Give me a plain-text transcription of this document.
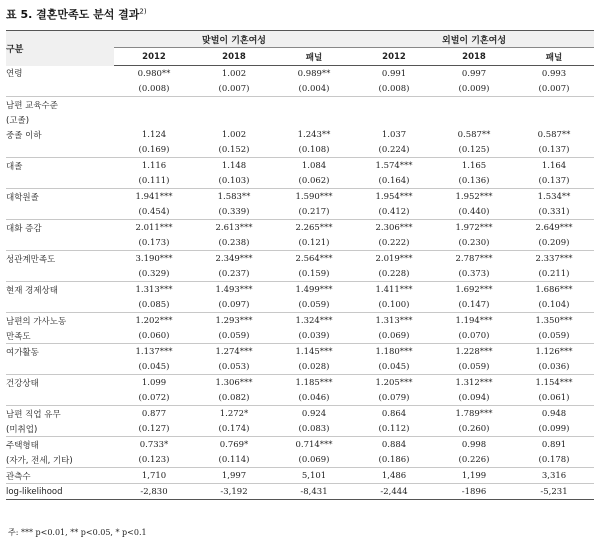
표 5. 결혼만족도 분석 결과$^{2)}$
구분	맞벌이 기혼여성			외벌이 기혼여성		
	2012	2018	패널	2012	2018	패널
연령	0.980**	1.002	0.989**	0.991	0.997	0.993
	(0.008)	(0.007)	(0.004)	(0.008)	(0.009)	(0.007)
남편 교육수준						
(고졸)						
중졸 이하	1.124	1.002	1.243**	1.037	0.587**	0.587**
	(0.169)	(0.152)	(0.108)	(0.224)	(0.125)	(0.137)
대졸	1.116	1.148	1.084	1.574***	1.165	1.164
	(0.111)	(0.103)	(0.062)	(0.164)	(0.136)	(0.137)
대학원졸	1.941***	1.583**	1.590***	1.954***	1.952***	1.534**
	(0.454)	(0.339)	(0.217)	(0.412)	(0.440)	(0.331)
대화 증감	2.011***	2.613***	2.265***	2.306***	1.972***	2.649***
	(0.173)	(0.238)	(0.121)	(0.222)	(0.230)	(0.209)
성관계만족도	3.190***	2.349***	2.564***	2.019***	2.787***	2.337***
	(0.329)	(0.237)	(0.159)	(0.228)	(0.373)	(0.211)
현재 경제상태	1.313***	1.493***	1.499***	1.411***	1.692***	1.686***
	(0.085)	(0.097)	(0.059)	(0.100)	(0.147)	(0.104)
남편의 가사노동	1.202***	1.293***	1.324***	1.313***	1.194***	1.350***
만족도	(0.060)	(0.059)	(0.039)	(0.069)	(0.070)	(0.059)
여가활동	1.137***	1.274***	1.145***	1.180***	1.228***	1.126***
	(0.045)	(0.053)	(0.028)	(0.045)	(0.059)	(0.036)
건강상태	1.099	1.306***	1.185***	1.205***	1.312***	1.154***
	(0.072)	(0.082)	(0.046)	(0.079)	(0.094)	(0.061)
남편 직업 유무	0.877	1.272*	0.924	0.864	1.789***	0.948
(미취업)	(0.127)	(0.174)	(0.083)	(0.112)	(0.260)	(0.099)
주택형태	0.733*	0.769*	0.714***	0.884	0.998	0.891
(자가, 전세, 기타)	(0.123)	(0.114)	(0.069)	(0.186)	(0.226)	(0.178)
관측수	1,710	1,997	5,101	1,486	1,199	3,316
log-likelihood	-2,830	-3,192	-8,431	-2,444	-1896	-5,231
주: *** p<0.01, ** p<0.05, * p<0.1
